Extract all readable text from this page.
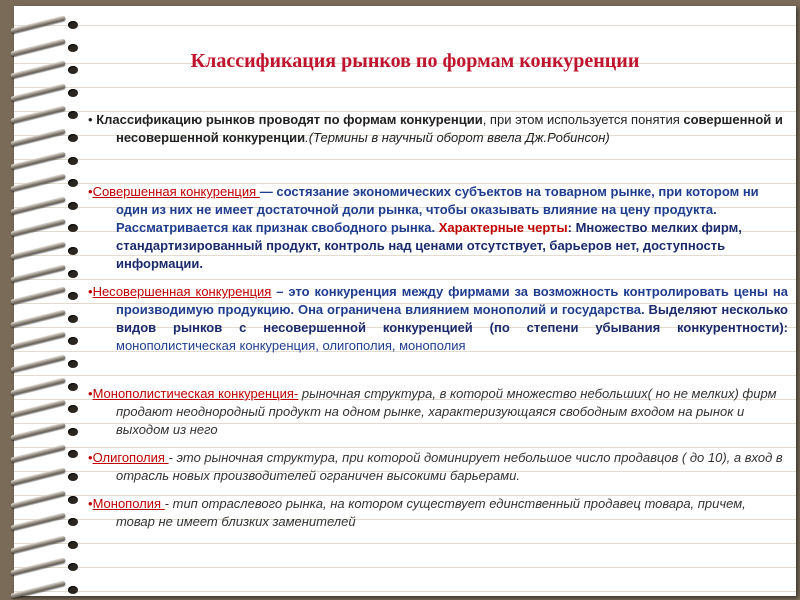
Классификация рынков по формам конкуренции
• Классификацию рынков проводят по формам конкуренции, при этом используется понятия совершенной и несовершенной конкуренции.(Термины в научный оборот ввела Дж.Робинсон)
•Совершенная конкуренция — состязание экономических субъектов на товарном рынке, при котором ни один из них не имеет достаточной доли рынка, чтобы оказывать влияние на цену продукта. Рассматривается как признак свободного рынка. Характерные черты: Множество мелких фирм, стандартизированный продукт, контроль над ценами отсутствует, барьеров нет, доступность информации.
•Несовершенная конкуренция – это конкуренция между фирмами за возможность контролировать цены на производимую продукцию. Она ограничена влиянием монополий и государства. Выделяют несколько видов рынков с несовершенной конкуренцией (по степени убывания конкурентности): монополистическая конкуренция, олигополия, монополия
•Монополистическая конкуренция- рыночная структура, в которой множество небольших( но не мелких) фирм продают неоднородный продукт на одном рынке, характеризующаяся свободным входом на рынок и выходом из него
•Олигополия - это рыночная структура, при которой доминирует небольшое число продавцов ( до 10), а вход в отрасль новых производителей ограничен высокими барьерами.
•Монополия - тип отраслевого рынка, на котором существует единственный продавец товара, причем, товар не имеет близких заменителей
